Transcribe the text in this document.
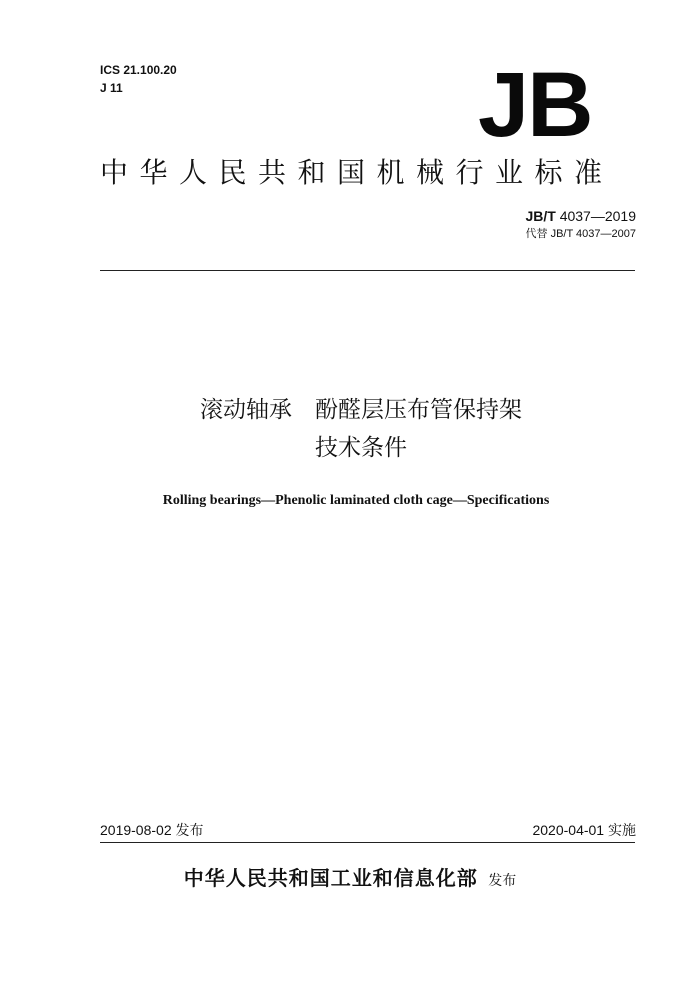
ICS 21.100.20
J 11	JB
中华人民共和国机械行业标准
JB/T 4037—2019
代替 JB/T 4037—2007
滚动轴承　酚醛层压布管保持架
技术条件
Rolling bearings—Phenolic laminated cloth cage—Specifications
2019-08-02 发布	2020-04-01 实施
中华人民共和国工业和信息化部 发布
